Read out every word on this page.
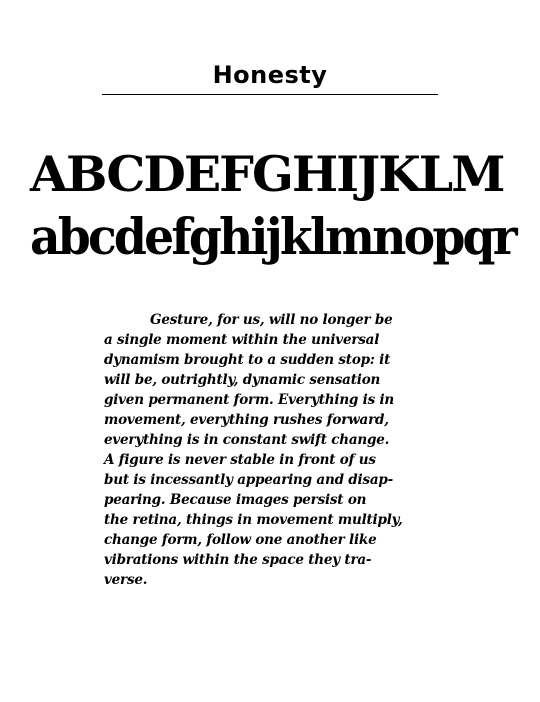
Honesty
ABCDEFGHIJKLM
abcdefghijklmnopqr
Gesture, for us, will no longer be
a single moment within the universal
dynamism brought to a sudden stop: it
will be, outrightly, dynamic sensation
given permanent form. Everything is in
movement, everything rushes forward,
everything is in constant swift change.
A figure is never stable in front of us
but is incessantly appearing and disap-
pearing. Because images persist on
the retina, things in movement multiply,
change form, follow one another like
vibrations within the space they tra-
verse.
